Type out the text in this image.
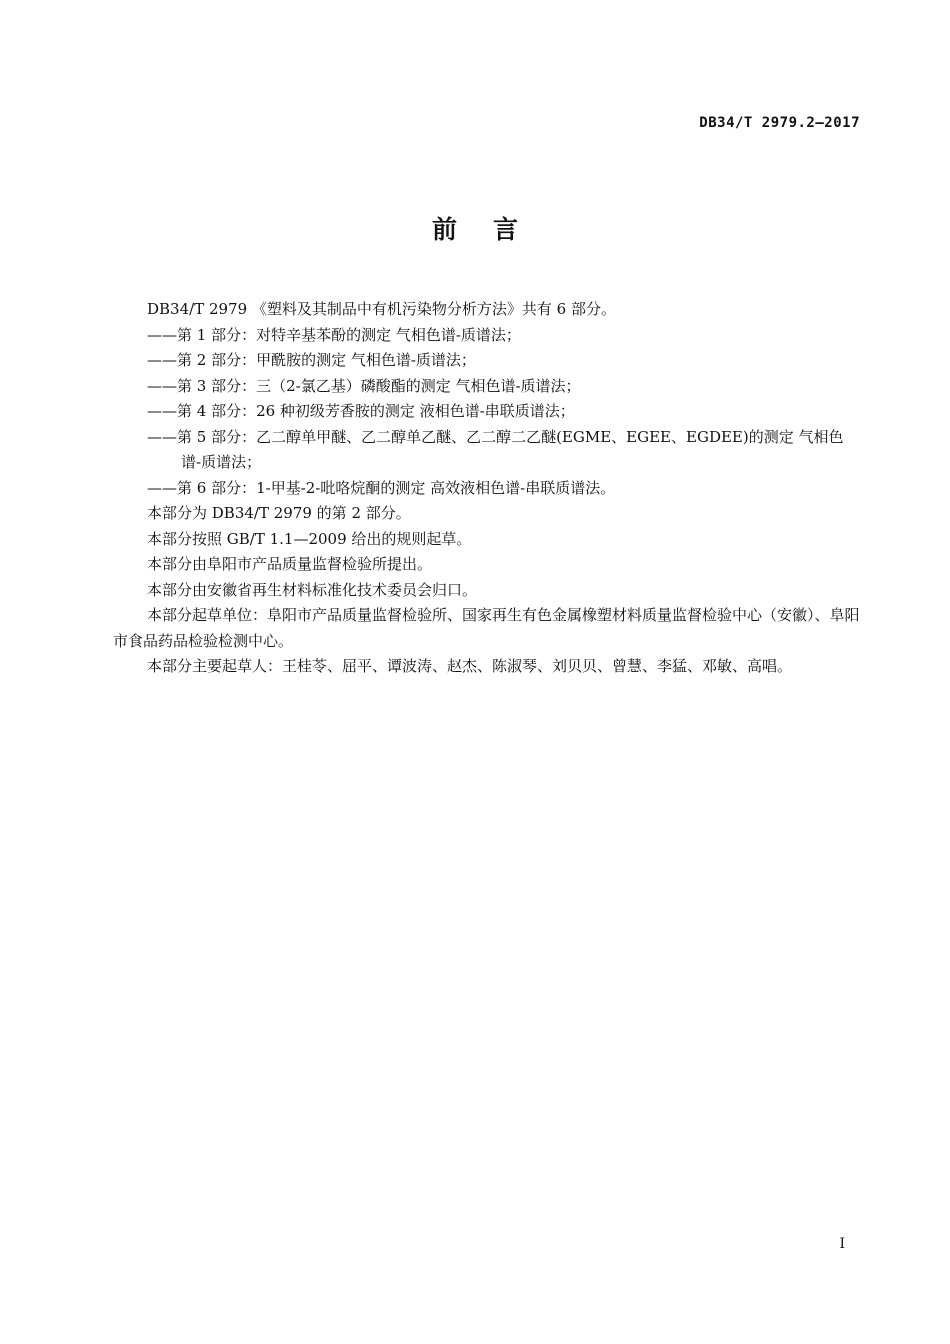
DB34/T 2979.2—2017
前言

DB34/T 2979 《塑料及其制品中有机污染物分析方法》共有 6 部分。

——第 1 部分：对特辛基苯酚的测定 气相色谱-质谱法；

——第 2 部分：甲酰胺的测定 气相色谱-质谱法；

——第 3 部分：三（2-氯乙基）磷酸酯的测定 气相色谱-质谱法；

——第 4 部分：26 种初级芳香胺的测定 液相色谱-串联质谱法；

——第 5 部分：乙二醇单甲醚、乙二醇单乙醚、乙二醇二乙醚(EGME、EGEE、EGDEE)的测定 气相色谱-质谱法；

——第 6 部分：1-甲基-2-吡咯烷酮的测定 高效液相色谱-串联质谱法。

本部分为 DB34/T 2979 的第 2 部分。

本部分按照 GB/T 1.1—2009 给出的规则起草。

本部分由阜阳市产品质量监督检验所提出。

本部分由安徽省再生材料标准化技术委员会归口。

本部分起草单位：阜阳市产品质量监督检验所、国家再生有色金属橡塑材料质量监督检验中心（安徽）、阜阳市食品药品检验检测中心。

本部分主要起草人：王桂苓、屈平、谭波涛、赵杰、陈淑琴、刘贝贝、曾慧、李猛、邓敏、高唱。

I
